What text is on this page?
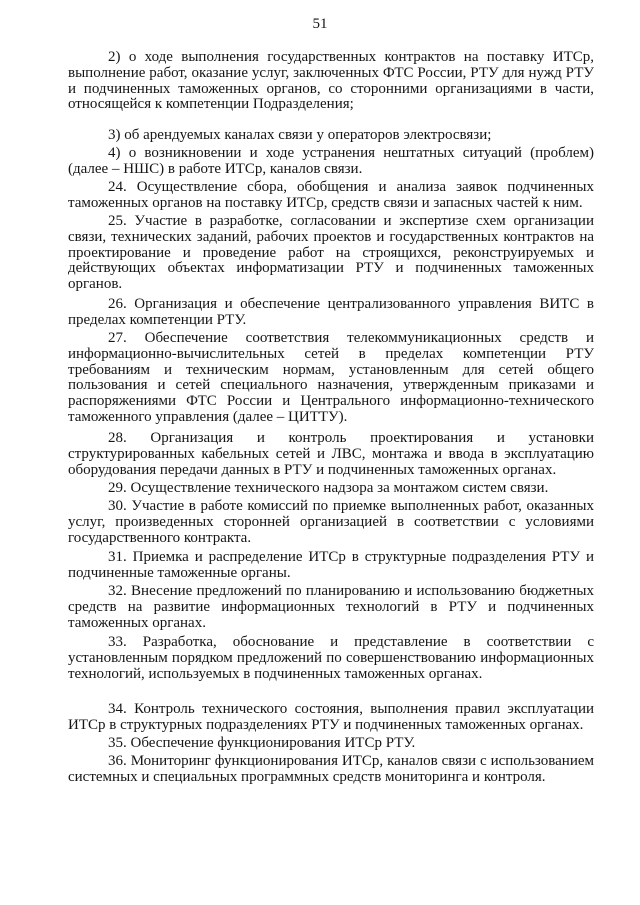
51
2) о ходе выполнения государственных контрактов на поставку ИТСр, выполнение работ, оказание услуг, заключенных ФТС России, РТУ для нужд РТУ и подчиненных таможенных органов, со сторонними организациями в части, относящейся к компетенции Подразделения;
3) об арендуемых каналах связи у операторов электросвязи;
4) о возникновении и ходе устранения нештатных ситуаций (проблем) (далее – НШС) в работе ИТСр, каналов связи.
24. Осуществление сбора, обобщения и анализа заявок подчиненных таможенных органов на поставку ИТСр, средств связи и запасных частей к ним.
25. Участие в разработке, согласовании и экспертизе схем организации связи, технических заданий, рабочих проектов и государственных контрактов на проектирование и проведение работ на строящихся, реконструируемых и действующих объектах информатизации РТУ и подчиненных таможенных органов.
26. Организация и обеспечение централизованного управления ВИТС в пределах компетенции РТУ.
27. Обеспечение соответствия телекоммуникационных средств и информационно-вычислительных сетей в пределах компетенции РТУ требованиям и техническим нормам, установленным для сетей общего пользования и сетей специального назначения, утвержденным приказами и распоряжениями ФТС России и Центрального информационно-технического таможенного управления (далее – ЦИТТУ).
28. Организация и контроль проектирования и установки структурированных кабельных сетей и ЛВС, монтажа и ввода в эксплуатацию оборудования передачи данных в РТУ и подчиненных таможенных органах.
29. Осуществление технического надзора за монтажом систем связи.
30. Участие в работе комиссий по приемке выполненных работ, оказанных услуг, произведенных сторонней организацией в соответствии с условиями государственного контракта.
31. Приемка и распределение ИТСр в структурные подразделения РТУ и подчиненные таможенные органы.
32. Внесение предложений по планированию и использованию бюджетных средств на развитие информационных технологий в РТУ и подчиненных таможенных органах.
33. Разработка, обоснование и представление в соответствии с установленным порядком предложений по совершенствованию информационных технологий, используемых в подчиненных таможенных органах.
34. Контроль технического состояния, выполнения правил эксплуатации ИТСр в структурных подразделениях РТУ и подчиненных таможенных органах.
35. Обеспечение функционирования ИТСр РТУ.
36. Мониторинг функционирования ИТСр, каналов связи с использованием системных и специальных программных средств мониторинга и контроля.
